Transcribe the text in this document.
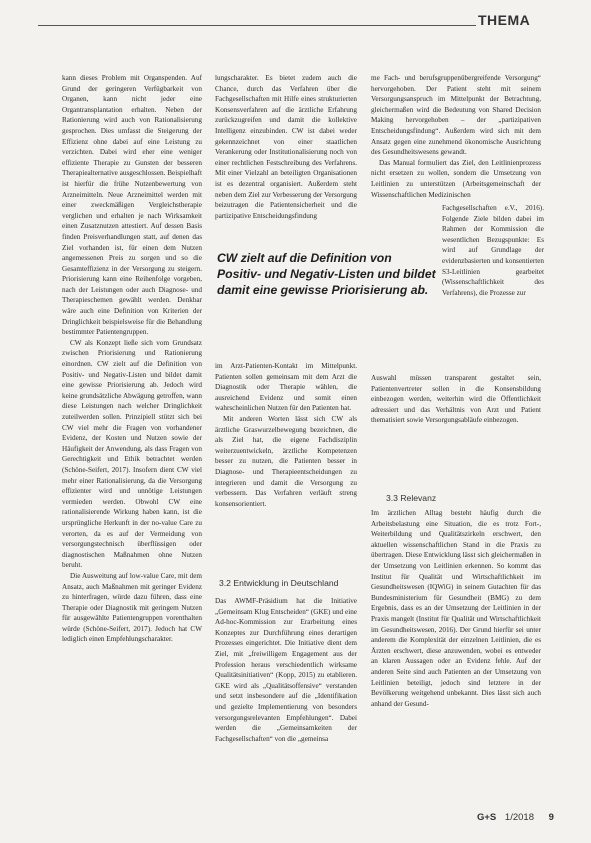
THEMA

kann dieses Problem mit Organspenden. Auf Grund der geringeren Verfügbarkeit von Organen, kann nicht jeder eine Organtransplantation erhalten. Neben der Rationierung wird auch von Rationalisierung gesprochen. Dies umfasst die Steigerung der Effizienz ohne dabei auf eine Leistung zu verzichten. Dabei wird eher eine weniger effiziente Therapie zu Gunsten der besseren Therapiealternative ausgeschlossen. Beispielhaft ist hierfür die frühe Nutzenbewertung von Arzneimitteln. Neue Arzneimittel werden mit einer zweckmäßigen Vergleichstherapie verglichen und erhalten je nach Wirksamkeit einen Zusatznutzen attestiert. Auf dessen Basis finden Preisverhandlungen statt, auf denen das Ziel vorhanden ist, für einen dem Nutzen angemessenen Preis zu sorgen und so die Gesamteffizienz in der Versorgung zu steigern. Priorisierung kann eine Reihenfolge vorgeben, nach der Leistungen oder auch Diagnose- und Therapieschemen gewählt werden. Denkbar wäre auch eine Definition von Kriterien der Dringlichkeit beispielsweise für die Behandlung bestimmter Patientengruppen.

CW als Konzept ließe sich vom Grundsatz zwischen Priorisierung und Rationierung einordnen. CW zielt auf die Definition von Positiv- und Negativ-Listen und bildet damit eine gewisse Priorisierung ab. Jedoch wird keine grundsätzliche Abwägung getroffen, wann diese Leistungen nach welcher Dringlichkeit zuteilwerden sollen. Prinzipiell stützt sich bei CW viel mehr die Fragen von vorhandener Evidenz, der Kosten und Nutzen sowie der Häufigkeit der Anwendung, als dass Fragen von Gerechtigkeit und Ethik betrachtet werden (Schöne-Seifert, 2017). Insofern dient CW viel mehr einer Rationalisierung, da die Versorgung effizienter wird und unnötige Leistungen vermieden werden. Obwohl CW eine rationalisierende Wirkung haben kann, ist die ursprüngliche Herkunft in der no-value Care zu verorten, da es auf der Vermeidung von versorgungstechnisch überflüssigen oder diagnostischen Maßnahmen ohne Nutzen beruht.

Die Ausweitung auf low-value Care, mit dem Ansatz, auch Maßnahmen mit geringer Evidenz zu hinterfragen, würde dazu führen, dass eine Therapie oder Diagnostik mit geringem Nutzen für ausgewählte Patientengruppen vorenthalten würde (Schöne-Seifert, 2017). Jedoch hat CW lediglich einen Empfehlungscharakter.

lungscharakter. Es bietet zudem auch die Chance, durch das Verfahren über die Fachgesellschaften mit Hilfe eines strukturierten Konsensverfahren auf die ärztliche Erfahrung zurückzugreifen und damit die kollektive Intelligenz einzubinden. CW ist dabei weder gekennzeichnet von einer staatlichen Verankerung oder Institutionalisierung noch von einer rechtlichen Festschreibung des Verfahrens. Mit einer Vielzahl an beteiligten Organisationen ist es dezentral organisiert. Außerdem steht neben dem Ziel zur Verbesserung der Versorgung beizutragen die Patientensicherheit und die partizipative Entscheidungsfindung

CW zielt auf die Definition von Positiv- und Negativ-Listen und bildet damit eine gewisse Priorisierung ab.

im Arzt-Patienten-Kontakt im Mittelpunkt. Patienten sollen gemeinsam mit dem Arzt die Diagnostik oder Therapie wählen, die ausreichend Evidenz und somit einen wahrscheinlichen Nutzen für den Patienten hat.

Mit anderen Worten lässt sich CW als ärztliche Graswurzelbewegung bezeichnen, die als Ziel hat, die eigene Fachdisziplin weiterzuentwickeln, ärztliche Kompetenzen besser zu nutzen, die Patienten besser in Diagnose- und Therapieentscheidungen zu integrieren und damit die Versorgung zu verbessern. Das Verfahren verläuft streng konsensorientiert.

3.2 Entwicklung in Deutschland

Das AWMF-Präsidium hat die Initiative „Gemeinsam Klug Entscheiden“ (GKE) und eine Ad-hoc-Kommission zur Erarbeitung eines Konzeptes zur Durchführung eines derartigen Prozesses eingerichtet. Die Initiative dient dem Ziel, mit „freiwilligem Engagement aus der Profession heraus verschiedentlich wirksame Qualitätsinitiativen“ (Kopp, 2015) zu etablieren. GKE wird als „Qualitätsoffensive“ verstanden und setzt insbesondere auf die „Identifikation und gezielte Implementierung von besonders versorgungsrelevanten Empfehlungen“. Dabei werden die „Gemeinsamkeiten der Fachgesellschaften“ von die „gemeinsa

me Fach- und berufsgruppenübergreifende Versorgung“ hervorgehoben. Der Patient steht mit seinem Versorgungsanspruch im Mittelpunkt der Betrachtung, gleichermaßen wird die Bedeutung von Shared Decision Making hervorgehoben – der „partizipativen Entscheidungsfindung“. Außerdem wird sich mit dem Ansatz gegen eine zunehmend ökonomische Ausrichtung des Gesundheitswesens gewandt.

Das Manual formuliert das Ziel, den Leitlinienprozess nicht ersetzen zu wollen, sondern die Umsetzung von Leitlinien zu unterstützen (Arbeitsgemeinschaft der Wissenschaftlichen Medizinischen

Fachgesellschaften e.V., 2016). Folgende Ziele bilden dabei im Rahmen der Kommission die wesentlichen Bezugspunkte: Es wird auf Grundlage der evidenzbasierten und konsentierten S3-Leitlinien gearbeitet (Wissenschaftlichkeit des Verfahrens), die Prozesse zur

Auswahl müssen transparent gestaltet sein, Patientenvertreter sollen in die Konsensbildung einbezogen werden, weiterhin wird die Öffentlichkeit adressiert und das Verhältnis von Arzt und Patient thematisiert sowie Versorgungsabläufe einbezogen.

3.3 Relevanz

Im ärztlichen Alltag besteht häufig durch die Arbeitsbelastung eine Situation, die es trotz Fort-, Weiterbildung und Qualitätszirkeln erschwert, den aktuellen wissenschaftlichen Stand in die Praxis zu übertragen. Diese Entwicklung lässt sich gleichermaßen in der Umsetzung von Leitlinien erkennen. So kommt das Institut für Qualität und Wirtschaftlichkeit im Gesundheitswesen (IQWiG) in seinem Gutachten für das Bundesministerium für Gesundheit (BMG) zu dem Ergebnis, dass es an der Umsetzung der Leitlinien in der Praxis mangelt (Institut für Qualität und Wirtschaftlichkeit im Gesundheitswesen, 2016). Der Grund hierfür sei unter anderem die Komplexität der einzelnen Leitlinien, die es Ärzten erschwert, diese anzuwenden, wobei es entweder an klaren Aussagen oder an Evidenz fehle. Auf der anderen Seite sind auch Patienten an der Umsetzung von Leitlinien beteiligt, jedoch sind letztere in der Bevölkerung weitgehend unbekannt. Dies lässt sich auch anhand der Gesund-

G+S 1/2018 9
